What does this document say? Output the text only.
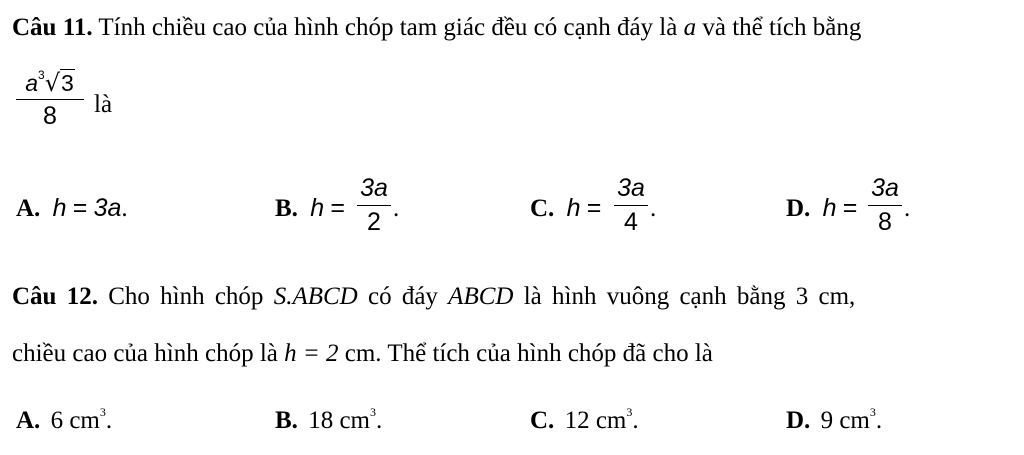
Câu 11. Tính chiều cao của hình chóp tam giác đều có cạnh đáy là a và thể tích bằng
$a^3√3$
8	là
A. h = 3a.	B. h =
3a
2 .	C. h =
3a
4 .	D. h =
3a
8 .
Câu 12. Cho hình chóp S.ABCD có đáy ABCD là hình vuông cạnh bằng 3 cm,
chiều cao của hình chóp là h = 2 cm. Thể tích của hình chóp đã cho là
A. 6 $cm^3$.	B. 18 $cm^3$.	C. 12 $cm^3$.	D. 9 $cm^3$.
